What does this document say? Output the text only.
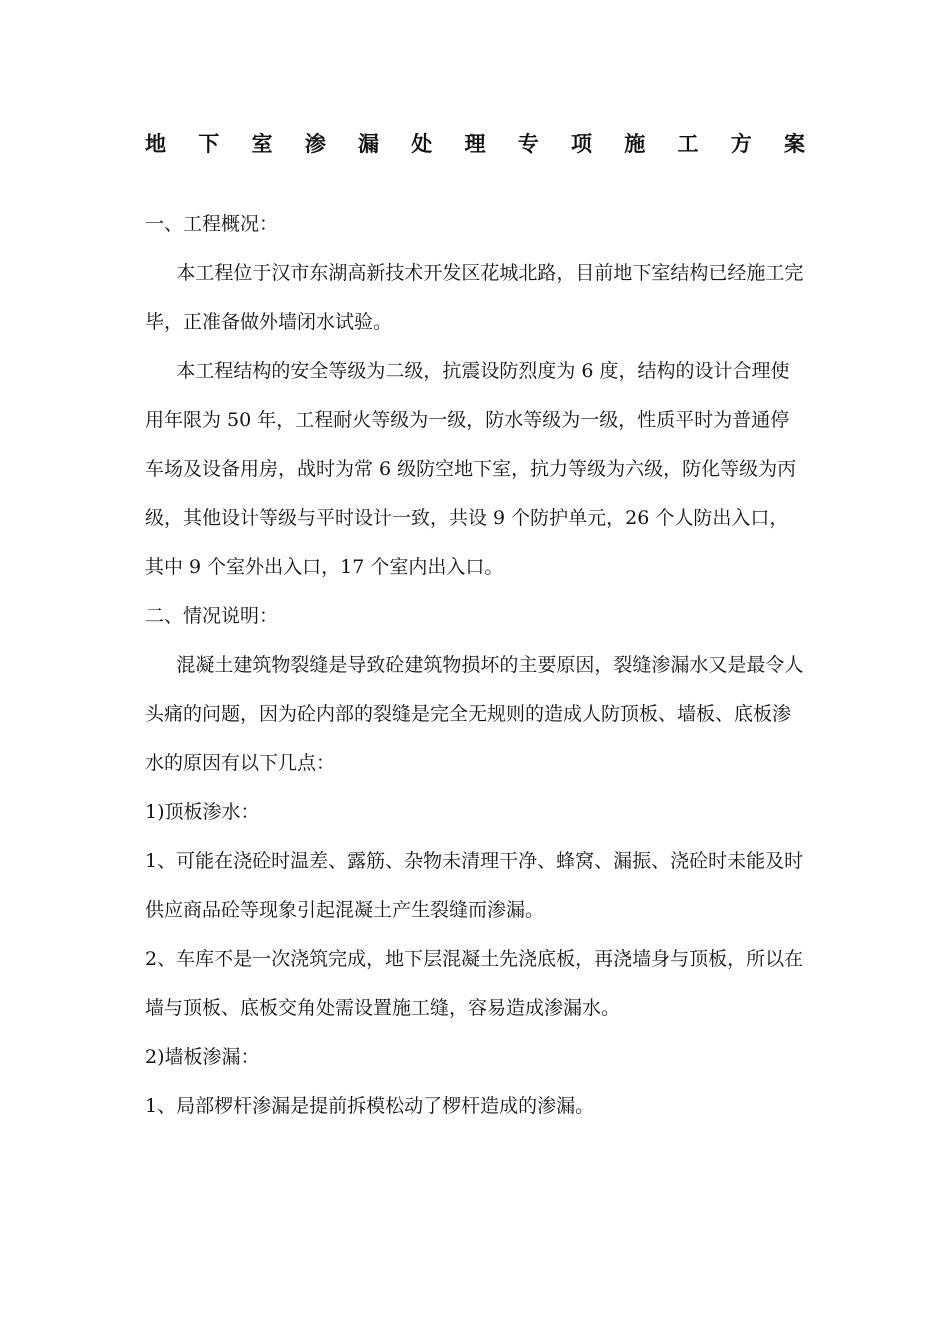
地 下 室 渗 漏 处 理 专 项 施 工 方 案

一、工程概况：

本工程位于汉市东湖高新技术开发区花城北路，目前地下室结构已经施工完毕，正准备做外墙闭水试验。

本工程结构的安全等级为二级，抗震设防烈度为 6 度，结构的设计合理使用年限为 50 年，工程耐火等级为一级，防水等级为一级，性质平时为普通停车场及设备用房，战时为常 6 级防空地下室，抗力等级为六级，防化等级为丙级，其他设计等级与平时设计一致，共设 9 个防护单元，26 个人防出入口，其中 9 个室外出入口，17 个室内出入口。

二、情况说明：

混凝土建筑物裂缝是导致砼建筑物损坏的主要原因，裂缝渗漏水又是最令人头痛的问题，因为砼内部的裂缝是完全无规则的造成人防顶板、墙板、底板渗水的原因有以下几点：

1)顶板渗水：

1、可能在浇砼时温差、露筋、杂物未清理干净、蜂窝、漏振、浇砼时未能及时供应商品砼等现象引起混凝土产生裂缝而渗漏。

2、车库不是一次浇筑完成，地下层混凝土先浇底板，再浇墙身与顶板，所以在墙与顶板、底板交角处需设置施工缝，容易造成渗漏水。

2)墙板渗漏：

1、局部椤杆渗漏是提前拆模松动了椤杆造成的渗漏。
